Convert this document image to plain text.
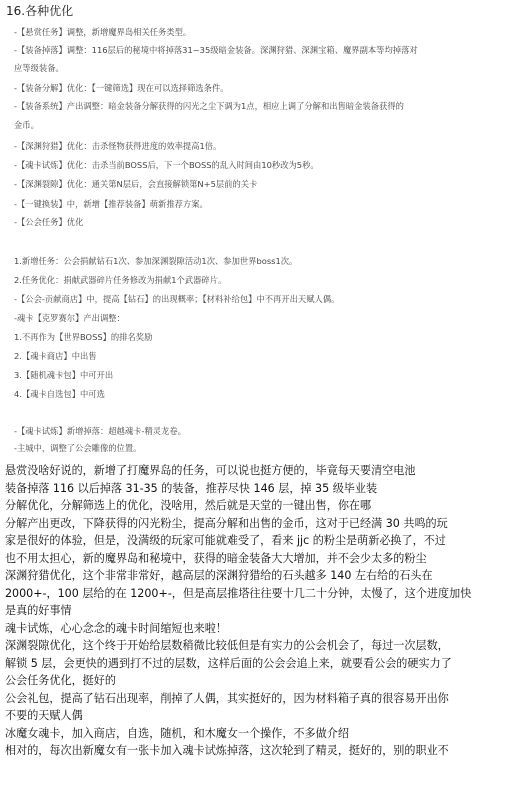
16.各种优化
-【悬赏任务】调整，新增魔界岛相关任务类型。
-【装备掉落】调整：116层后的秘境中将掉落31~35级暗金装备。深渊狩猎、深渊宝箱、魔界副本等均掉落对
应等级装备。
-【装备分解】优化：【一键筛选】现在可以选择筛选条件。
-【装备系统】产出调整：暗金装备分解获得的闪光之尘下调为1点，相应上调了分解和出售暗金装备获得的
金币。
-【深渊狩猎】优化：击杀怪物获得进度的效率提高1倍。
-【魂卡试炼】优化：击杀当前BOSS后，下一个BOSS的乱入时间由10秒改为5秒。
-【深渊裂隙】优化：通关第N层后，会直接解锁第N+5层前的关卡
-【一键换装】中，新增【推荐装备】萌新推荐方案。
-【公会任务】优化
1.新增任务：公会捐献钻石1次、参加深渊裂隙活动1次、参加世界boss1次。
2.任务优化：捐献武器碎片任务修改为捐献1个武器碎片。
-【公会-贡献商店】中，提高【钻石】的出现概率；【材料补给包】中不再开出天赋人偶。
-魂卡【克罗赛尔】产出调整：
1.不再作为【世界BOSS】的排名奖励
2.【魂卡商店】中出售
3.【随机魂卡包】中可开出
4.【魂卡自选包】中可选
-【魂卡试炼】新增掉落：超越魂卡-精灵龙卷。
-主城中，调整了公会雕像的位置。
悬赏没啥好说的，新增了打魔界岛的任务，可以说也挺方便的，毕竟每天要清空电池
装备掉落 116 以后掉落 31-35 的装备，推荐尽快 146 层，掉 35 级毕业装
分解优化，分解筛选上的优化，没啥用，然后就是天堂的一键出售，你在哪
分解产出更改，下降获得的闪光粉尘，提高分解和出售的金币，这对于已经满 30 共鸣的玩
家是很好的体验，但是，没满级的玩家可能就难受了，看来 jjc 的粉尘是萌新必换了，不过
也不用太担心，新的魔界岛和秘境中，获得的暗金装备大大增加，并不会少太多的粉尘
深渊狩猎优化，这个非常非常好，越高层的深渊狩猎给的石头越多 140 左右给的石头在
2000+-，100 层给的在 1200+-，但是高层推塔往往要十几二十分钟，太慢了，这个进度加快
是真的好事情
魂卡试炼，心心念念的魂卡时间缩短也来啦！
深渊裂隙优化，这个终于开始给层数稍微比较低但是有实力的公会机会了，每过一次层数，
解锁 5 层，会更快的遇到打不过的层数，这样后面的公会会追上来，就要看公会的硬实力了
公会任务优化，挺好的
公会礼包，提高了钻石出现率，削掉了人偶，其实挺好的，因为材料箱子真的很容易开出你
不要的天赋人偶
冰魔女魂卡，加入商店，自选，随机，和木魔女一个操作，不多做介绍
相对的，每次出新魔女有一张卡加入魂卡试炼掉落，这次轮到了精灵，挺好的，别的职业不
